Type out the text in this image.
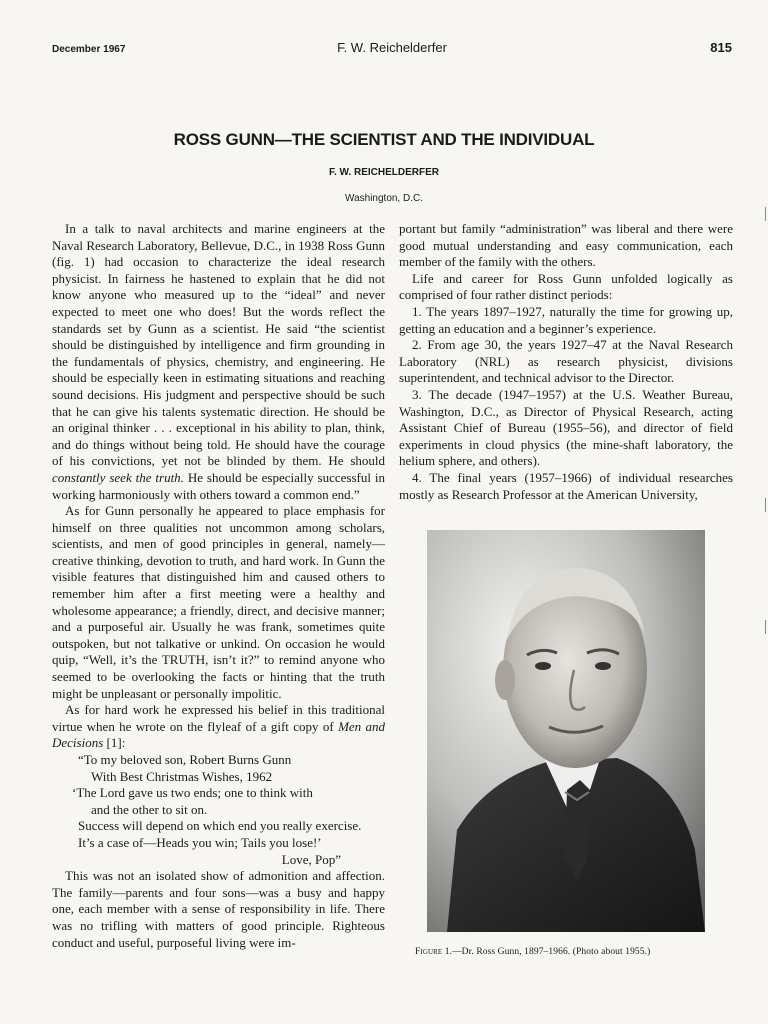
December 1967	F. W. Reichelderfer	815
ROSS GUNN—THE SCIENTIST AND THE INDIVIDUAL
F. W. REICHELDERFER
Washington, D.C.

In a talk to naval architects and marine engineers at the Naval Research Laboratory, Bellevue, D.C., in 1938 Ross Gunn (fig. 1) had occasion to characterize the ideal research physicist. In fairness he hastened to explain that he did not know anyone who measured up to the “ideal” and never expected to meet one who does! But the words reflect the standards set by Gunn as a scientist. He said “the scientist should be distinguished by intelligence and firm grounding in the fundamentals of physics, chemistry, and engineering. He should be especially keen in estimating situations and reaching sound decisions. His judgment and perspective should be such that he can give his talents systematic direction. He should be an original thinker . . . exceptional in his ability to plan, think, and do things without being told. He should have the courage of his convictions, yet not be blinded by them. He should constantly seek the truth. He should be especially successful in working harmoniously with others toward a common end.”

As for Gunn personally he appeared to place emphasis for himself on three qualities not uncommon among scholars, scientists, and men of good principles in general, namely—creative thinking, devotion to truth, and hard work. In Gunn the visible features that distinguished him and caused others to remember him after a first meeting were a healthy and wholesome appearance; a friendly, direct, and decisive manner; and a purposeful air. Usually he was frank, sometimes quite outspoken, but not talkative or unkind. On occasion he would quip, “Well, it’s the TRUTH, isn’t it?” to remind anyone who seemed to be overlooking the facts or hinting that the truth might be unpleasant or personally impolitic.

As for hard work he expressed his belief in this traditional virtue when he wrote on the flyleaf of a gift copy of Men and Decisions [1]:

“To my beloved son, Robert Burns Gunn

With Best Christmas Wishes, 1962

‘The Lord gave us two ends; one to think with

and the other to sit on.

Success will depend on which end you really exercise.

It’s a case of—Heads you win; Tails you lose!’

Love, Pop”

This was not an isolated show of admonition and affection. The family—parents and four sons—was a busy and happy one, each member with a sense of responsibility in life. There was no trifling with matters of good principle. Righteous conduct and useful, purposeful living were im-

portant but family “administration” was liberal and there were good mutual understanding and easy communication, each member of the family with the others.

Life and career for Ross Gunn unfolded logically as comprised of four rather distinct periods:

1. The years 1897–1927, naturally the time for growing up, getting an education and a beginner’s experience.

2. From age 30, the years 1927–47 at the Naval Research Laboratory (NRL) as research physicist, divisions superintendent, and technical advisor to the Director.

3. The decade (1947–1957) at the U.S. Weather Bureau, Washington, D.C., as Director of Physical Research, acting Assistant Chief of Bureau (1955–56), and director of field experiments in cloud physics (the mine-shaft laboratory, the helium sphere, and others).

4. The final years (1957–1966) of individual researches mostly as Research Professor at the American University,

Figure 1.—Dr. Ross Gunn, 1897–1966. (Photo about 1955.)
